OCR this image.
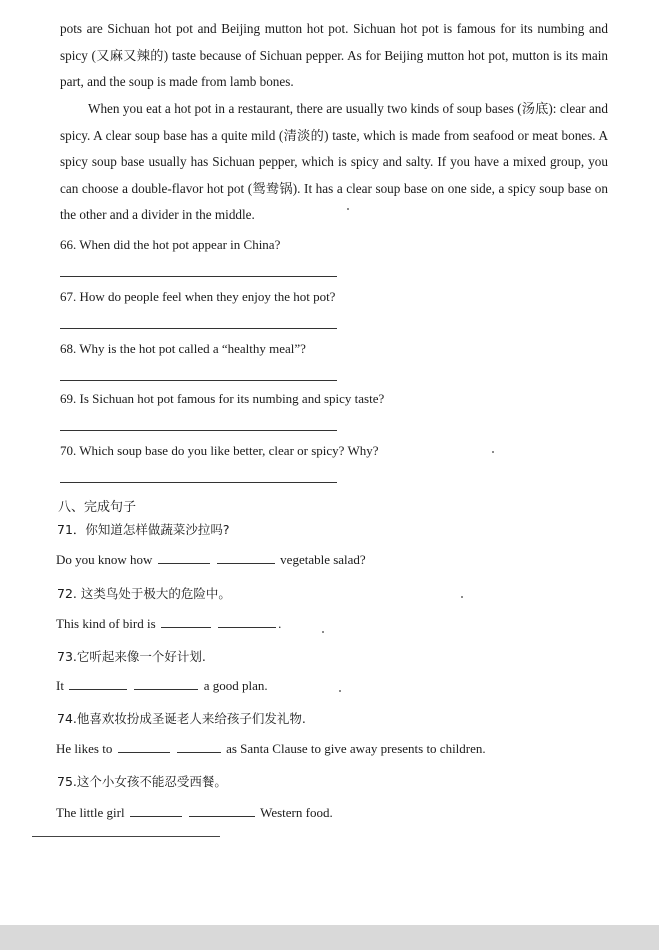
pots are Sichuan hot pot and Beijing mutton hot pot. Sichuan hot pot is famous for its numbing and spicy (又麻又辣的) taste because of Sichuan pepper. As for Beijing mutton hot pot, mutton is its main part, and the soup is made from lamb bones.

When you eat a hot pot in a restaurant, there are usually two kinds of soup bases (汤底): clear and spicy. A clear soup base has a quite mild (清淡的) taste, which is made from seafood or meat bones. A spicy soup base usually has Sichuan pepper, which is spicy and salty. If you have a mixed group, you can choose a double-flavor hot pot (鸳鸯锅). It has a clear soup base on one side, a spicy soup base on the other and a divider in the middle.

66. When did the hot pot appear in China?

67. How do people feel when they enjoy the hot pot?

68. Why is the hot pot called a “healthy meal”?

69. Is Sichuan hot pot famous for its numbing and spicy taste?

70. Which soup base do you like better, clear or spicy? Why?

八、完成句子

71．你知道怎样做蔬菜沙拉吗?

Do you know how	vegetable salad?

72. 这类鸟处于极大的危险中。

This kind of bird is	.

73.它听起来像一个好计划.

It	a good plan.

74.他喜欢妆扮成圣诞老人来给孩子们发礼物.

He likes to	as Santa Clause to give away presents to children.

75.这个小女孩不能忍受西餐。

The little girl	Western food.
